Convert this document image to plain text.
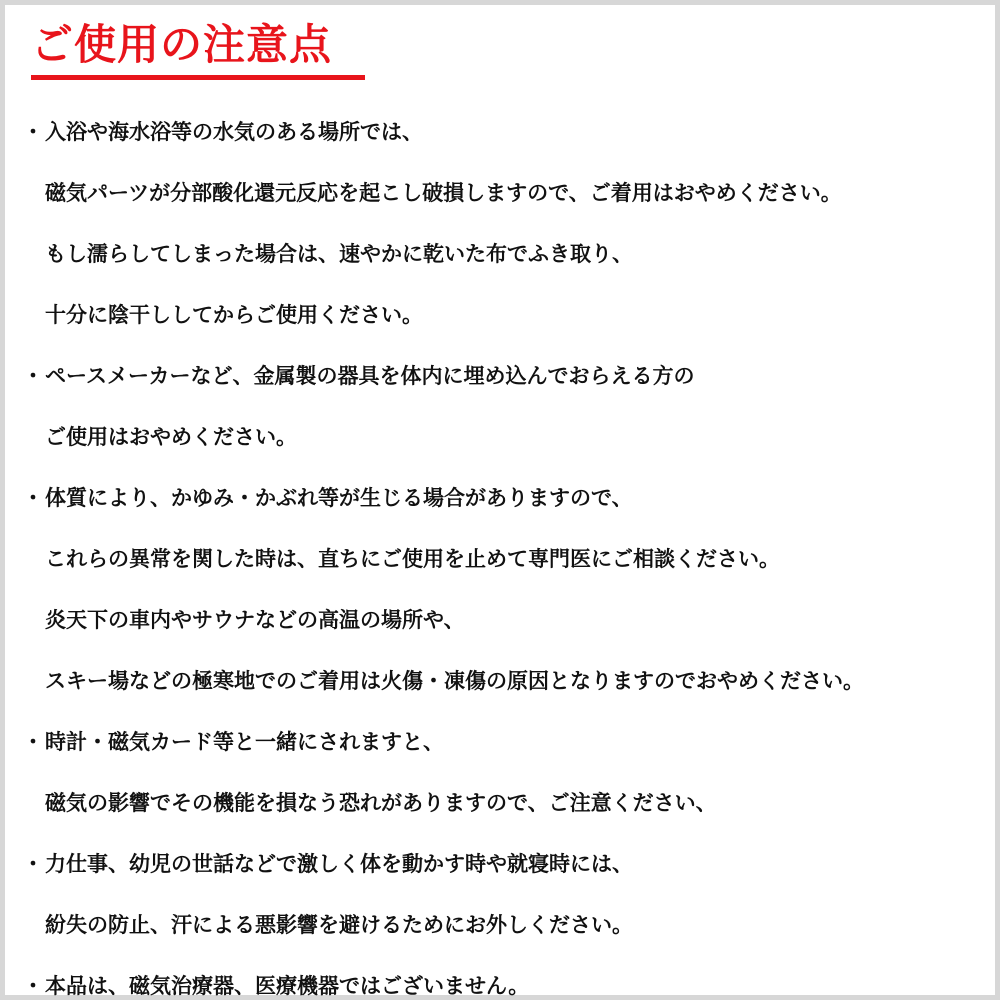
ご使用の注意点
・入浴や海水浴等の水気のある場所では、
磁気パーツが分部酸化還元反応を起こし破損しますので、ご着用はおやめください。
もし濡らしてしまった場合は、速やかに乾いた布でふき取り、
十分に陰干ししてからご使用ください。
・ペースメーカーなど、金属製の器具を体内に埋め込んでおらえる方の
ご使用はおやめください。
・体質により、かゆみ・かぶれ等が生じる場合がありますので、
これらの異常を関した時は、直ちにご使用を止めて専門医にご相談ください。
炎天下の車内やサウナなどの高温の場所や、
スキー場などの極寒地でのご着用は火傷・凍傷の原因となりますのでおやめください。
・時計・磁気カード等と一緒にされますと、
磁気の影響でその機能を損なう恐れがありますので、ご注意ください、
・力仕事、幼児の世話などで激しく体を動かす時や就寝時には、
紛失の防止、汗による悪影響を避けるためにお外しください。
・本品は、磁気治療器、医療機器ではございません。
